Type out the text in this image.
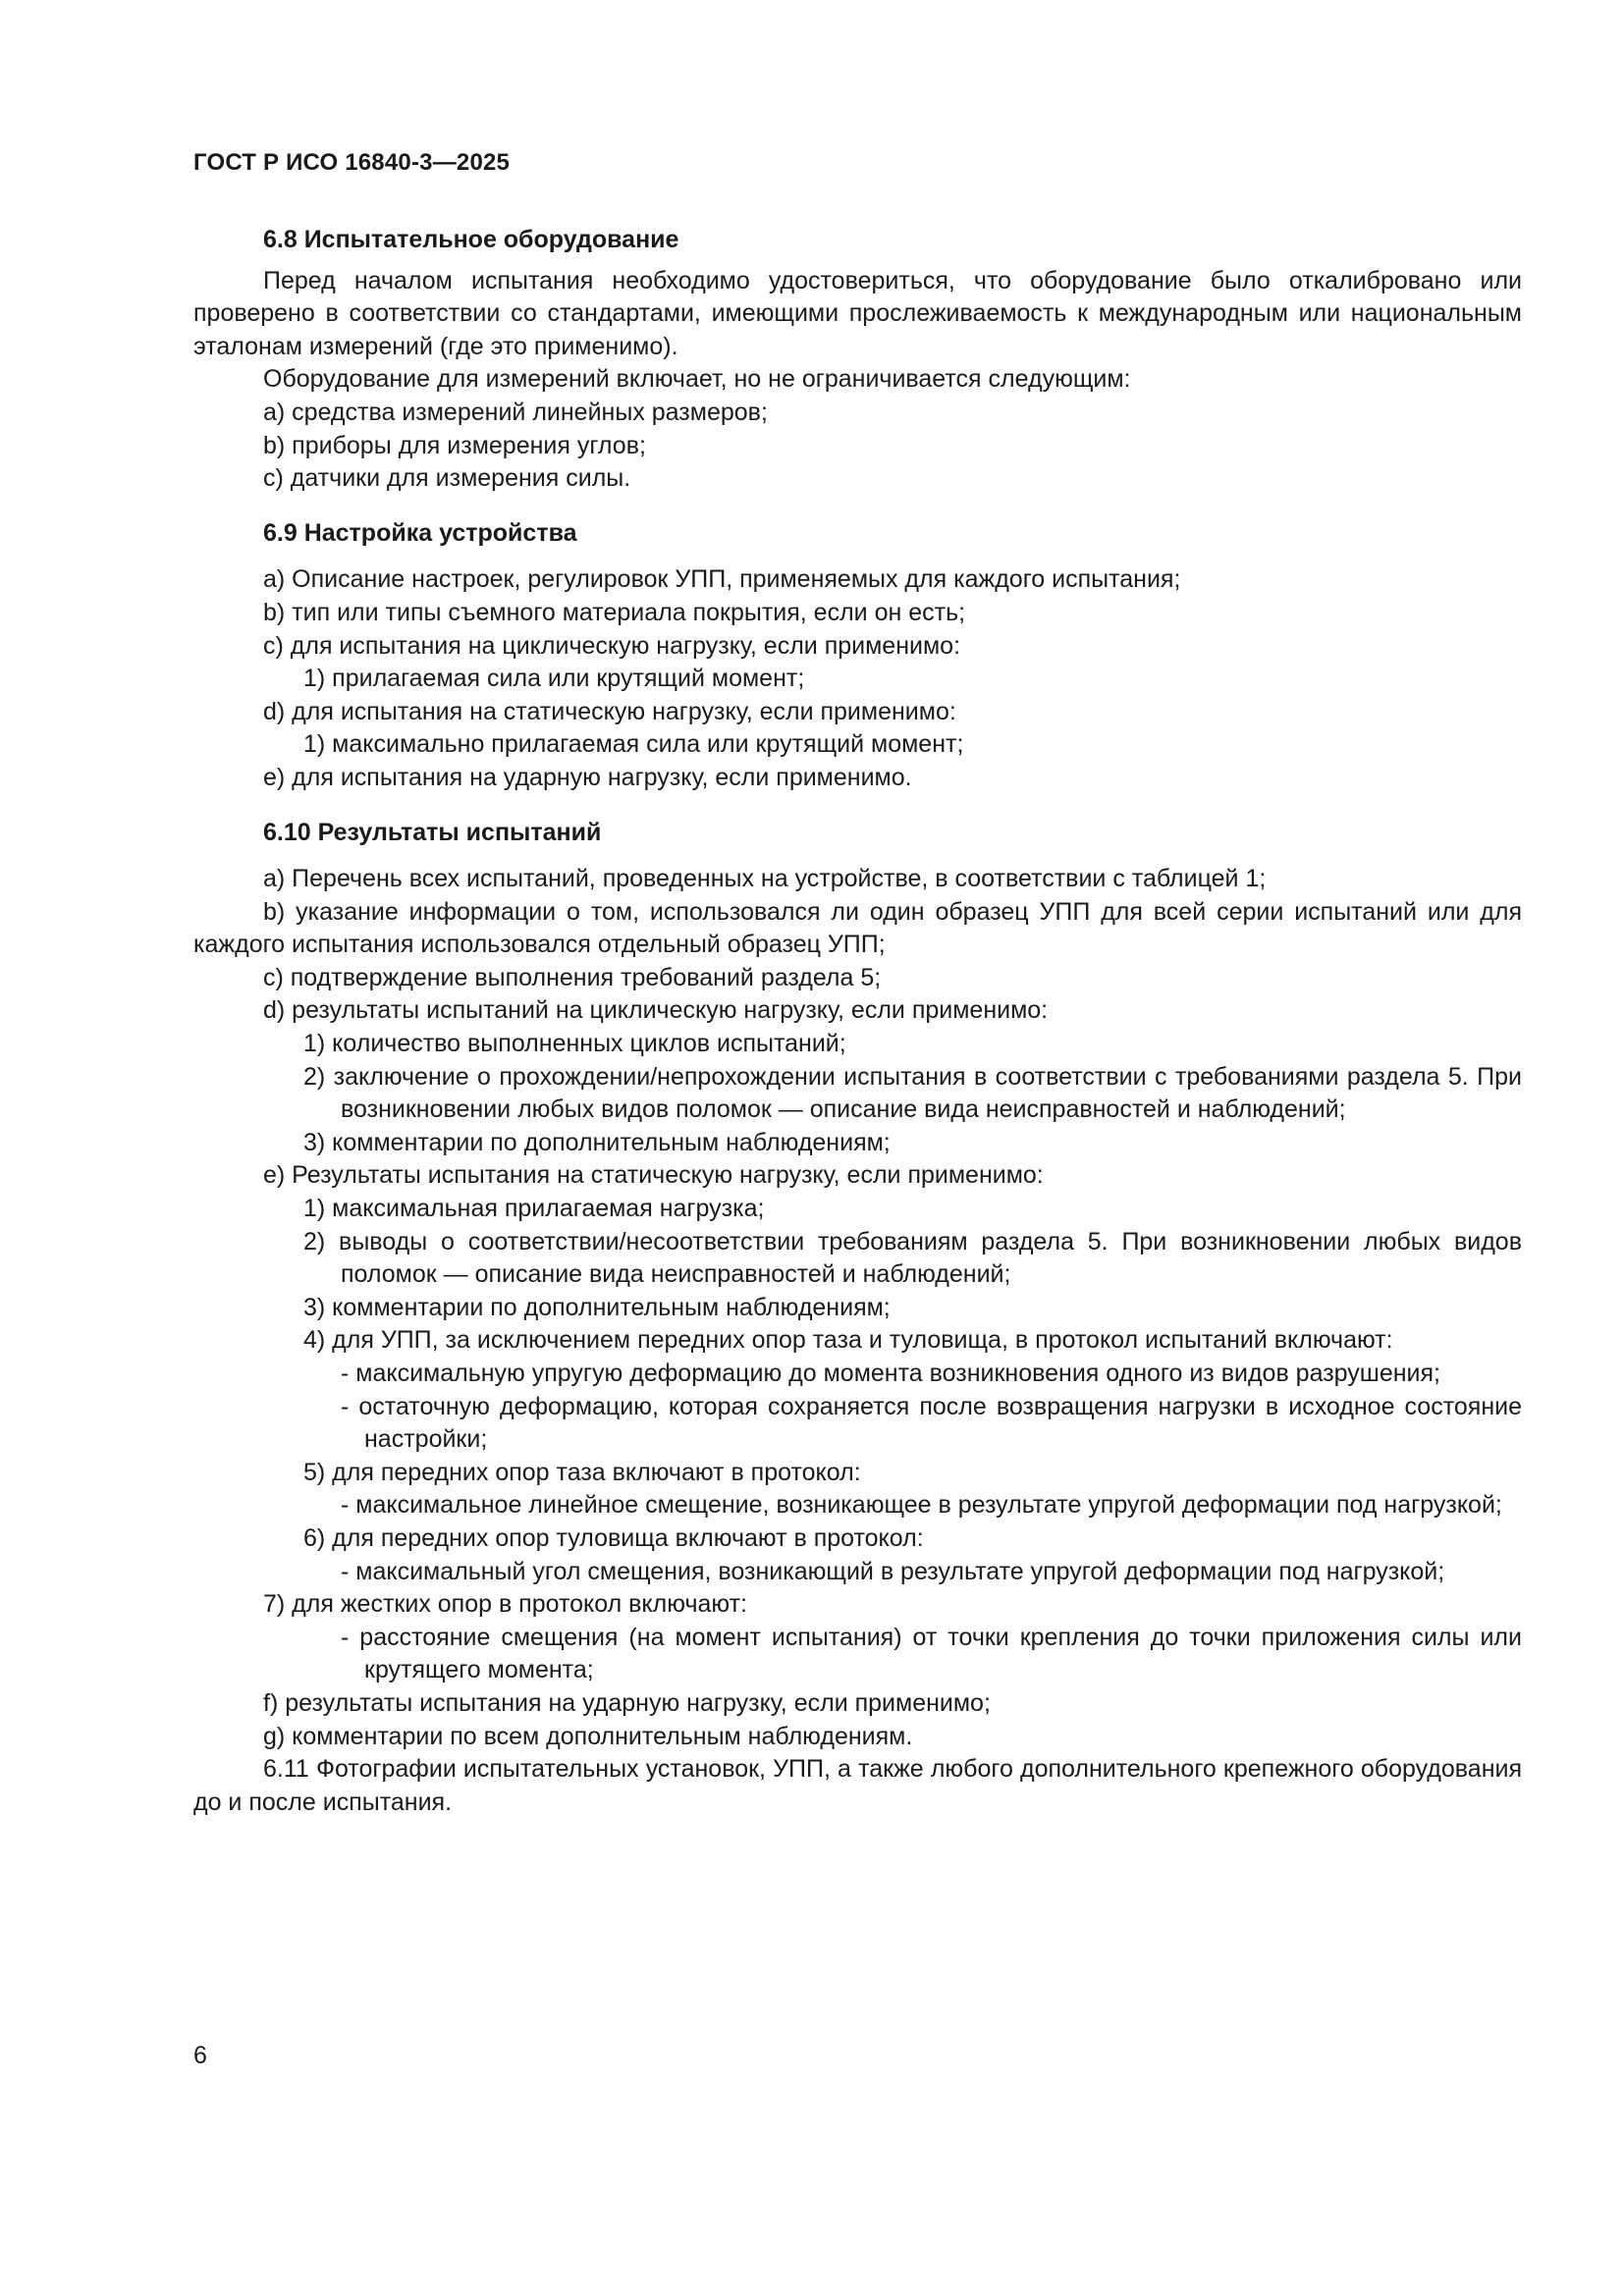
ГОСТ Р ИСО 16840-3—2025
6.8 Испытательное оборудование
Перед началом испытания необходимо удостовериться, что оборудование было откалибровано или проверено в соответствии со стандартами, имеющими прослеживаемость к международным или национальным эталонам измерений (где это применимо).
Оборудование для измерений включает, но не ограничивается следующим:
a) средства измерений линейных размеров;
b) приборы для измерения углов;
c) датчики для измерения силы.
6.9 Настройка устройства
a) Описание настроек, регулировок УПП, применяемых для каждого испытания;
b) тип или типы съемного материала покрытия, если он есть;
c) для испытания на циклическую нагрузку, если применимо:
1) прилагаемая сила или крутящий момент;
d) для испытания на статическую нагрузку, если применимо:
1) максимально прилагаемая сила или крутящий момент;
e) для испытания на ударную нагрузку, если применимо.
6.10 Результаты испытаний
a) Перечень всех испытаний, проведенных на устройстве, в соответствии с таблицей 1;
b) указание информации о том, использовался ли один образец УПП для всей серии испытаний или для каждого испытания использовался отдельный образец УПП;
c) подтверждение выполнения требований раздела 5;
d) результаты испытаний на циклическую нагрузку, если применимо:
1) количество выполненных циклов испытаний;
2) заключение о прохождении/непрохождении испытания в соответствии с требованиями раздела 5. При возникновении любых видов поломок — описание вида неисправностей и наблюдений;
3) комментарии по дополнительным наблюдениям;
e) Результаты испытания на статическую нагрузку, если применимо:
1) максимальная прилагаемая нагрузка;
2) выводы о соответствии/несоответствии требованиям раздела 5. При возникновении любых видов поломок — описание вида неисправностей и наблюдений;
3) комментарии по дополнительным наблюдениям;
4) для УПП, за исключением передних опор таза и туловища, в протокол испытаний включают:
- максимальную упругую деформацию до момента возникновения одного из видов разрушения;
- остаточную деформацию, которая сохраняется после возвращения нагрузки в исходное состояние настройки;
5) для передних опор таза включают в протокол:
- максимальное линейное смещение, возникающее в результате упругой деформации под нагрузкой;
6) для передних опор туловища включают в протокол:
- максимальный угол смещения, возникающий в результате упругой деформации под нагрузкой;
7) для жестких опор в протокол включают:
- расстояние смещения (на момент испытания) от точки крепления до точки приложения силы или крутящего момента;
f) результаты испытания на ударную нагрузку, если применимо;
g) комментарии по всем дополнительным наблюдениям.
6.11 Фотографии испытательных установок, УПП, а также любого дополнительного крепежного оборудования до и после испытания.
6
